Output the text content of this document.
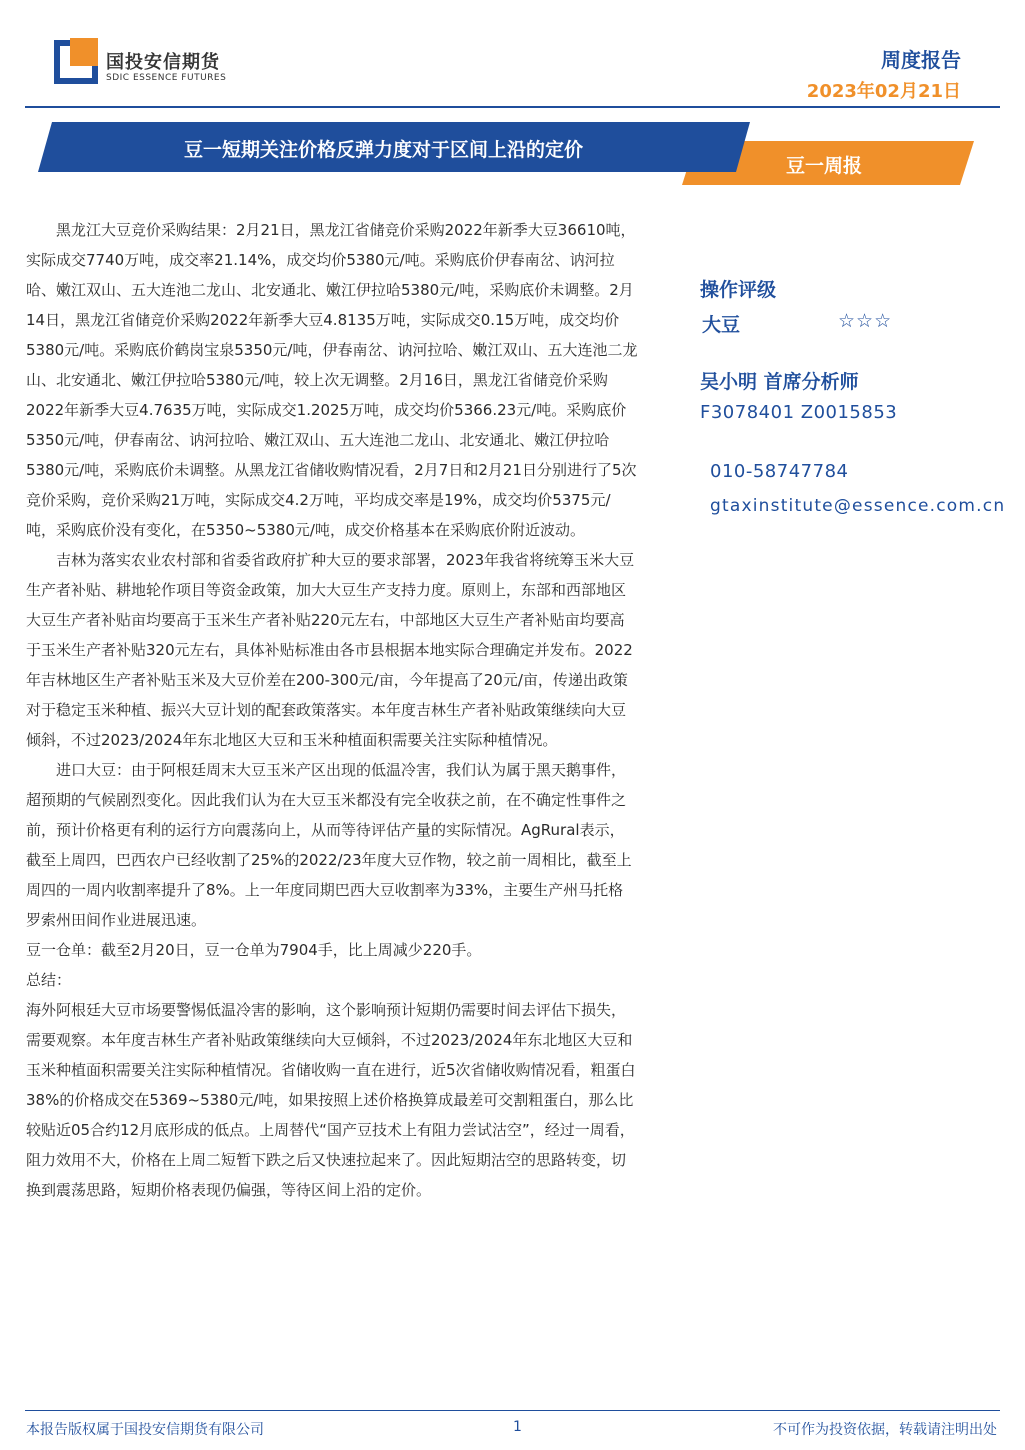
国投安信期货
SDIC ESSENCE FUTURES
周度报告
2023年02月21日
豆一短期关注价格反弹力度对于区间上沿的定价
豆一周报

黑龙江大豆竞价采购结果：2月21日，黑龙江省储竞价采购2022年新季大豆36610吨，实际成交7740万吨，成交率21.14%，成交均价5380元/吨。采购底价伊春南岔、讷河拉哈、嫩江双山、五大连池二龙山、北安通北、嫩江伊拉哈5380元/吨，采购底价未调整。2月14日，黑龙江省储竞价采购2022年新季大豆4.8135万吨，实际成交0.15万吨，成交均价5380元/吨。采购底价鹤岗宝泉5350元/吨，伊春南岔、讷河拉哈、嫩江双山、五大连池二龙山、北安通北、嫩江伊拉哈5380元/吨，较上次无调整。2月16日，黑龙江省储竞价采购2022年新季大豆4.7635万吨，实际成交1.2025万吨，成交均价5366.23元/吨。采购底价5350元/吨，伊春南岔、讷河拉哈、嫩江双山、五大连池二龙山、北安通北、嫩江伊拉哈5380元/吨，采购底价未调整。从黑龙江省储收购情况看，2月7日和2月21日分别进行了5次竞价采购，竞价采购21万吨，实际成交4.2万吨，平均成交率是19%，成交均价5375元/吨，采购底价没有变化，在5350~5380元/吨，成交价格基本在采购底价附近波动。

吉林为落实农业农村部和省委省政府扩种大豆的要求部署，2023年我省将统筹玉米大豆生产者补贴、耕地轮作项目等资金政策，加大大豆生产支持力度。原则上，东部和西部地区大豆生产者补贴亩均要高于玉米生产者补贴220元左右，中部地区大豆生产者补贴亩均要高于玉米生产者补贴320元左右，具体补贴标准由各市县根据本地实际合理确定并发布。2022年吉林地区生产者补贴玉米及大豆价差在200-300元/亩，今年提高了20元/亩，传递出政策对于稳定玉米种植、振兴大豆计划的配套政策落实。本年度吉林生产者补贴政策继续向大豆倾斜，不过2023/2024年东北地区大豆和玉米种植面积需要关注实际种植情况。

进口大豆：由于阿根廷周末大豆玉米产区出现的低温冷害，我们认为属于黑天鹅事件，超预期的气候剧烈变化。因此我们认为在大豆玉米都没有完全收获之前，在不确定性事件之前，预计价格更有利的运行方向震荡向上，从而等待评估产量的实际情况。AgRural表示，截至上周四，巴西农户已经收割了25%的2022/23年度大豆作物，较之前一周相比，截至上周四的一周内收割率提升了8%。上一年度同期巴西大豆收割率为33%，主要生产州马托格罗索州田间作业进展迅速。

豆一仓单：截至2月20日，豆一仓单为7904手，比上周减少220手。

总结：

海外阿根廷大豆市场要警惕低温冷害的影响，这个影响预计短期仍需要时间去评估下损失，需要观察。本年度吉林生产者补贴政策继续向大豆倾斜，不过2023/2024年东北地区大豆和玉米种植面积需要关注实际种植情况。省储收购一直在进行，近5次省储收购情况看，粗蛋白38%的价格成交在5369~5380元/吨，如果按照上述价格换算成最差可交割粗蛋白，那么比较贴近05合约12月底形成的低点。上周替代“国产豆技术上有阻力尝试沽空”，经过一周看，阻力效用不大，价格在上周二短暂下跌之后又快速拉起来了。因此短期沽空的思路转变，切换到震荡思路，短期价格表现仍偏强，等待区间上沿的定价。

操作评级
大豆	☆☆☆
吴小明 首席分析师
F3078401 Z0015853
010-58747784
gtaxinstitute@essence.com.cn
本报告版权属于国投安信期货有限公司	1	不可作为投资依据，转载请注明出处
